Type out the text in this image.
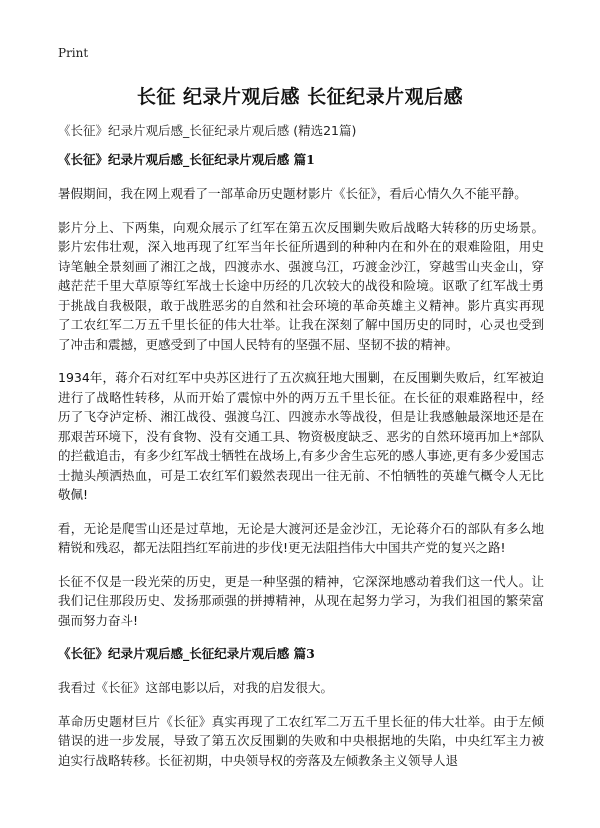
Print
长征 纪录片观后感 长征纪录片观后感

《长征》纪录片观后感_长征纪录片观后感 (精选21篇)

《长征》纪录片观后感_长征纪录片观后感 篇1

暑假期间，我在网上观看了一部革命历史题材影片《长征》，看后心情久久不能平静。

影片分上、下两集，向观众展示了红军在第五次反围剿失败后战略大转移的历史场景。影片宏伟壮观，深入地再现了红军当年长征所遇到的种种内在和外在的艰难险阻，用史诗笔触全景刻画了湘江之战，四渡赤水、强渡乌江，巧渡金沙江，穿越雪山夹金山，穿越茫茫千里大草原等红军战士长途中历经的几次较大的战役和险境。讴歌了红军战士勇于挑战自我极限，敢于战胜恶劣的自然和社会环境的革命英雄主义精神。影片真实再现了工农红军二万五千里长征的伟大壮举。让我在深刻了解中国历史的同时，心灵也受到了冲击和震撼，更感受到了中国人民特有的坚强不屈、坚韧不拔的精神。

1934年，蒋介石对红军中央苏区进行了五次疯狂地大围剿，在反围剿失败后，红军被迫进行了战略性转移，从而开始了震惊中外的两万五千里长征。在长征的艰难路程中，经历了飞夺泸定桥、湘江战役、强渡乌江、四渡赤水等战役，但是让我感触最深地还是在那艰苦环境下，没有食物、没有交通工具、物资极度缺乏、恶劣的自然环境再加上*部队的拦截追击，有多少红军战士牺牲在战场上,有多少舍生忘死的感人事迹,更有多少爱国志士抛头颅洒热血，可是工农红军们毅然表现出一往无前、不怕牺牲的英雄气概令人无比敬佩!

看，无论是爬雪山还是过草地，无论是大渡河还是金沙江，无论蒋介石的部队有多么地精锐和残忍，都无法阻挡红军前进的步伐!更无法阻挡伟大中国共产党的复兴之路!

长征不仅是一段光荣的历史，更是一种坚强的精神，它深深地感动着我们这一代人。让我们记住那段历史、发扬那顽强的拼搏精神，从现在起努力学习，为我们祖国的繁荣富强而努力奋斗!

《长征》纪录片观后感_长征纪录片观后感 篇3

我看过《长征》这部电影以后，对我的启发很大。

革命历史题材巨片《长征》真实再现了工农红军二万五千里长征的伟大壮举。由于左倾错误的进一步发展，导致了第五次反围剿的失败和中央根据地的失陷，中央红军主力被迫实行战略转移。长征初期，中央领导权的旁落及左倾教条主义领导人退
